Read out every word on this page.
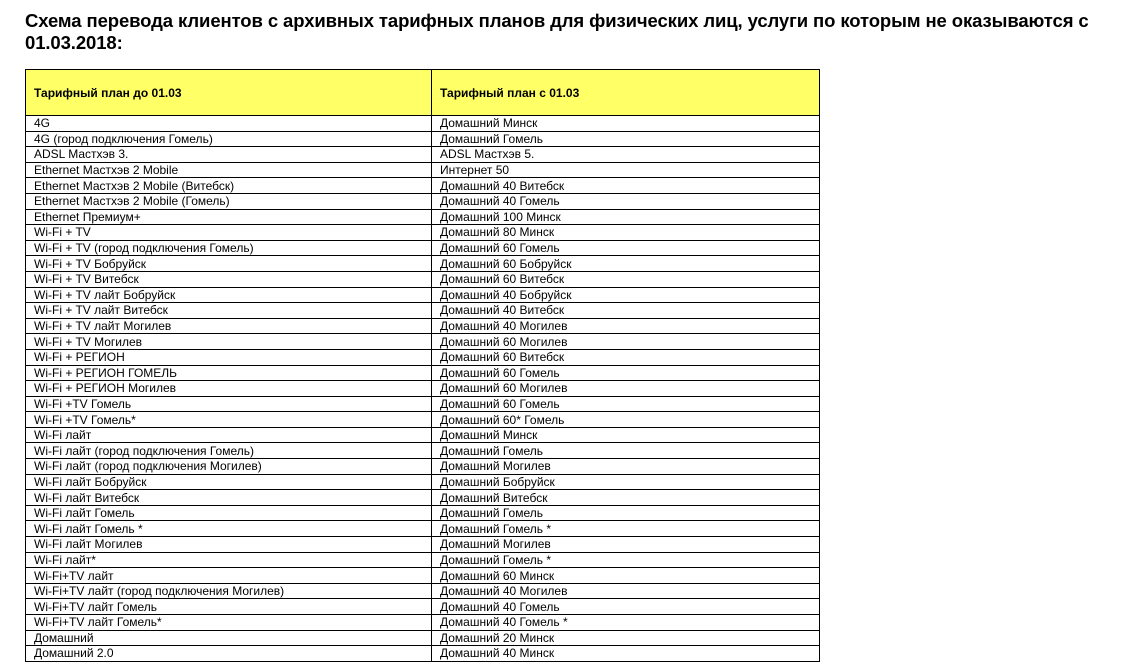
Схема перевода клиентов с архивных тарифных планов для физических лиц, услуги по которым не оказываются с 01.03.2018:
Тарифный план до 01.03	Тарифный план с 01.03
4G	Домашний Минск
4G (город подключения Гомель)	Домашний Гомель
ADSL Мастхэв 3.	ADSL Мастхэв 5.
Ethernet Мастхэв 2 Mobile	Интернет 50
Ethernet Мастхэв 2 Mobile (Витебск)	Домашний 40 Витебск
Ethernet Мастхэв 2 Mobile (Гомель)	Домашний 40 Гомель
Ethernet Премиум+	Домашний 100 Минск
Wi-Fi + TV	Домашний 80 Минск
Wi-Fi + TV (город подключения Гомель)	Домашний 60 Гомель
Wi-Fi + TV Бобруйск	Домашний 60 Бобруйск
Wi-Fi + TV Витебск	Домашний 60 Витебск
Wi-Fi + TV лайт Бобруйск	Домашний 40 Бобруйск
Wi-Fi + TV лайт Витебск	Домашний 40 Витебск
Wi-Fi + TV лайт Могилев	Домашний 40 Могилев
Wi-Fi + TV Могилев	Домашний 60 Могилев
Wi-Fi + РЕГИОН	Домашний 60 Витебск
Wi-Fi + РЕГИОН ГОМЕЛЬ	Домашний 60 Гомель
Wi-Fi + РЕГИОН Могилев	Домашний 60 Могилев
Wi-Fi +TV Гомель	Домашний 60 Гомель
Wi-Fi +TV Гомель*	Домашний 60* Гомель
Wi-Fi лайт	Домашний Минск
Wi-Fi лайт (город подключения Гомель)	Домашний Гомель
Wi-Fi лайт (город подключения Могилев)	Домашний Могилев
Wi-Fi лайт Бобруйск	Домашний Бобруйск
Wi-Fi лайт Витебск	Домашний Витебск
Wi-Fi лайт Гомель	Домашний Гомель
Wi-Fi лайт Гомель *	Домашний Гомель *
Wi-Fi лайт Могилев	Домашний Могилев
Wi-Fi лайт*	Домашний Гомель *
Wi-Fi+TV лайт	Домашний 60 Минск
Wi-Fi+TV лайт (город подключения Могилев)	Домашний 40 Могилев
Wi-Fi+TV лайт Гомель	Домашний 40 Гомель
Wi-Fi+TV лайт Гомель*	Домашний 40 Гомель *
Домашний	Домашний 20 Минск
Домашний 2.0	Домашний 40 Минск
